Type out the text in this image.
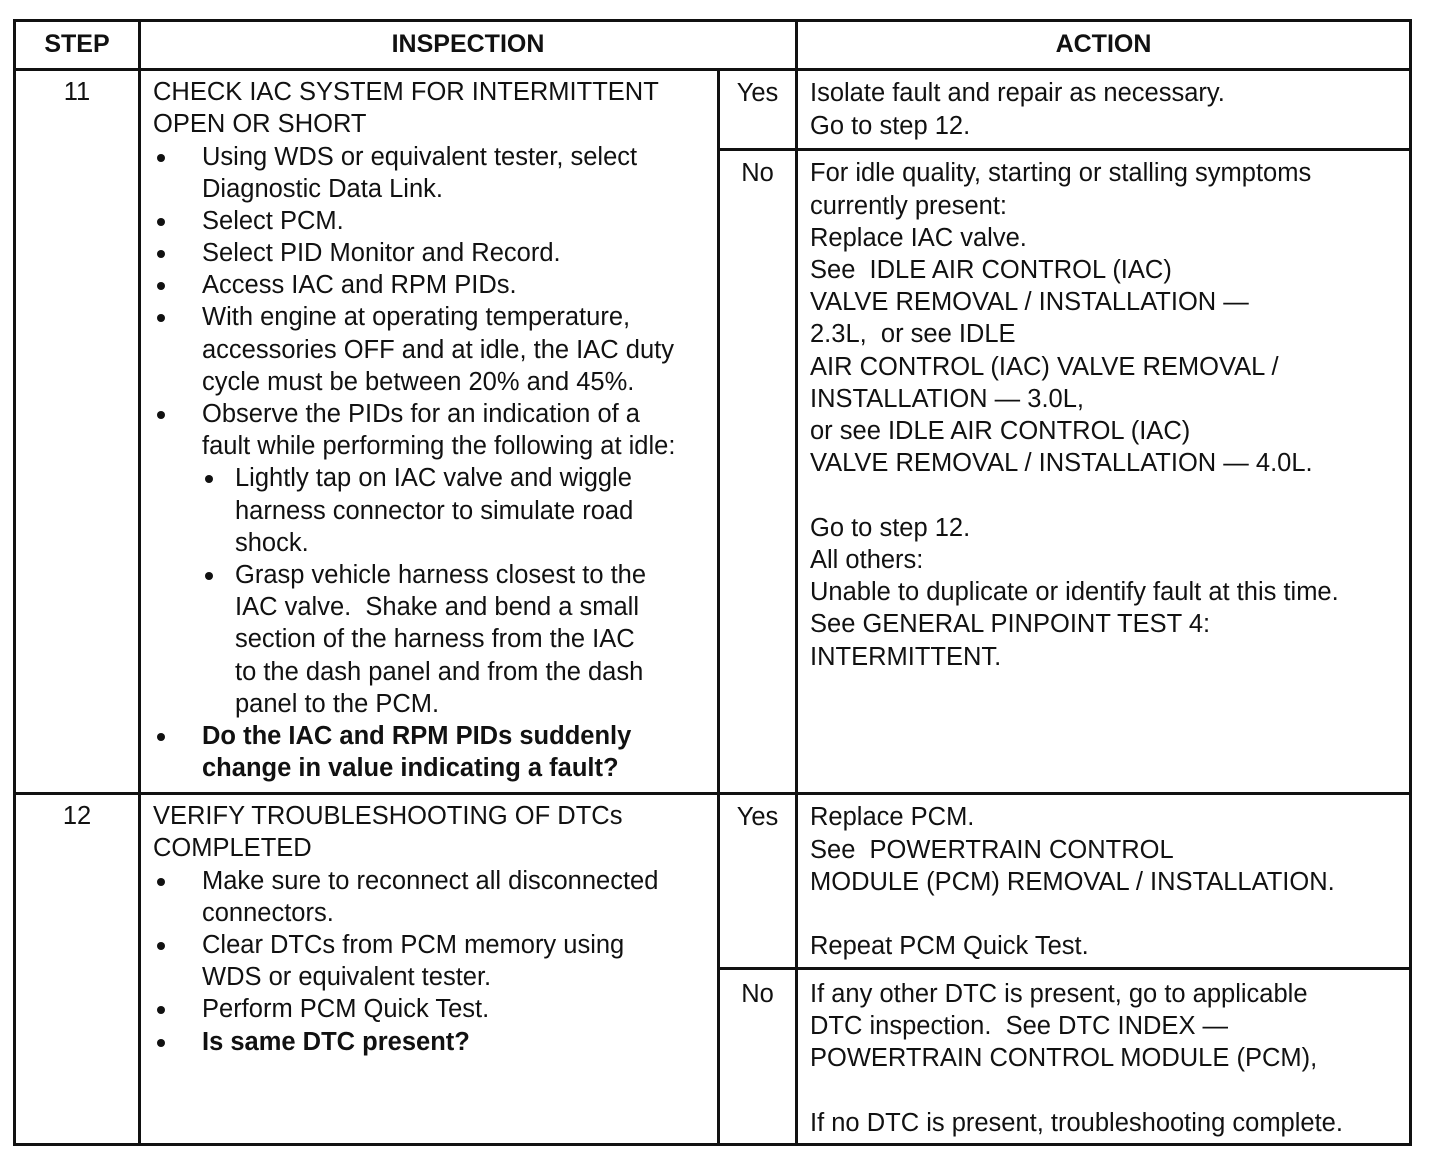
STEP	INSPECTION	ACTION
11	CHECK IAC SYSTEM FOR INTERMITTENT
OPEN OR SHORT
Using WDS or equivalent tester, select
Diagnostic Data Link.
Select PCM.
Select PID Monitor and Record.
Access IAC and RPM PIDs.
With engine at operating temperature,
accessories OFF and at idle, the IAC duty
cycle must be between 20% and 45%.
Observe the PIDs for an indication of a
fault while performing the following at idle:
Lightly tap on IAC valve and wiggle
harness connector to simulate road
shock.
Grasp vehicle harness closest to the
IAC valve.  Shake and bend a small
section of the harness from the IAC
to the dash panel and from the dash
panel to the PCM.
Do the IAC and RPM PIDs suddenly
change in value indicating a fault?
Yes	Isolate fault and repair as necessary.
Go to step 12.
No	For idle quality, starting or stalling symptoms
currently present:
Replace IAC valve.
See  IDLE AIR CONTROL (IAC)
VALVE REMOVAL / INSTALLATION —
2.3L,  or see IDLE
AIR CONTROL (IAC) VALVE REMOVAL /
INSTALLATION — 3.0L,
or see IDLE AIR CONTROL (IAC)
VALVE REMOVAL / INSTALLATION — 4.0L.
Go to step 12.
All others:
Unable to duplicate or identify fault at this time.
See GENERAL PINPOINT TEST 4:
INTERMITTENT.
12	VERIFY TROUBLESHOOTING OF DTCs
COMPLETED
Make sure to reconnect all disconnected
connectors.
Clear DTCs from PCM memory using
WDS or equivalent tester.
Perform PCM Quick Test.
Is same DTC present?
Yes	Replace PCM.
See  POWERTRAIN CONTROL
MODULE (PCM) REMOVAL / INSTALLATION.
Repeat PCM Quick Test.
No	If any other DTC is present, go to applicable
DTC inspection.  See DTC INDEX —
POWERTRAIN CONTROL MODULE (PCM),
If no DTC is present, troubleshooting complete.
